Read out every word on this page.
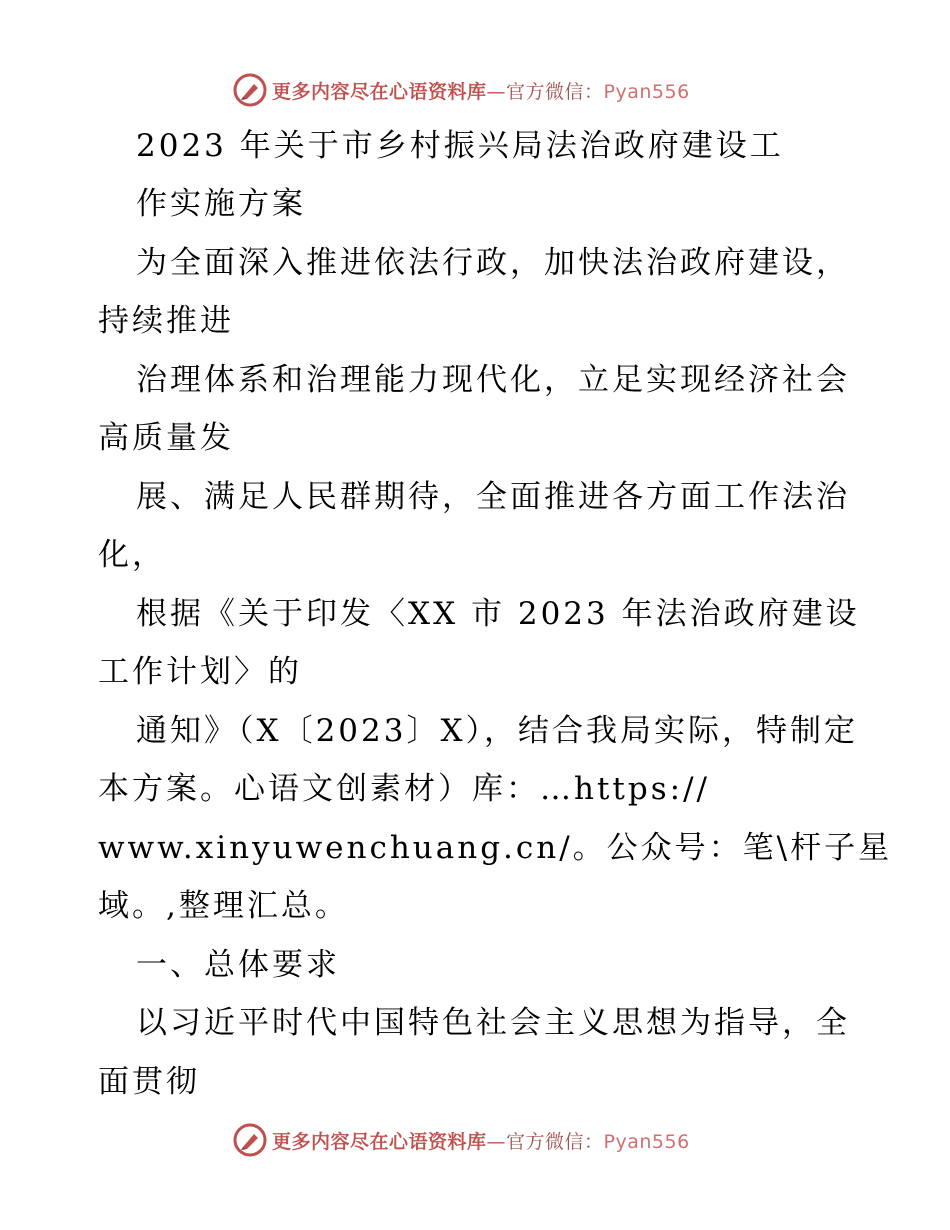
更多内容尽在心语资料库—官方微信：Pyan556
2023 年关于市乡村振兴局法治政府建设工
作实施方案
为全面深入推进依法行政，加快法治政府建设，
持续推进
治理体系和治理能力现代化，立足实现经济社会
高质量发
展、满足人民群期待，全面推进各方面工作法治
化，
根据《关于印发〈XX 市 2023 年法治政府建设
工作计划〉的
通知》（X〔2023〕X），结合我局实际，特制定
本方案。心语文创素材）库：…https://
www.xinyuwenchuang.cn/。公众号：笔\杆子星
域。,整理汇总。
一、总体要求
以习近平时代中国特色社会主义思想为指导，全
面贯彻
更多内容尽在心语资料库—官方微信：Pyan556
